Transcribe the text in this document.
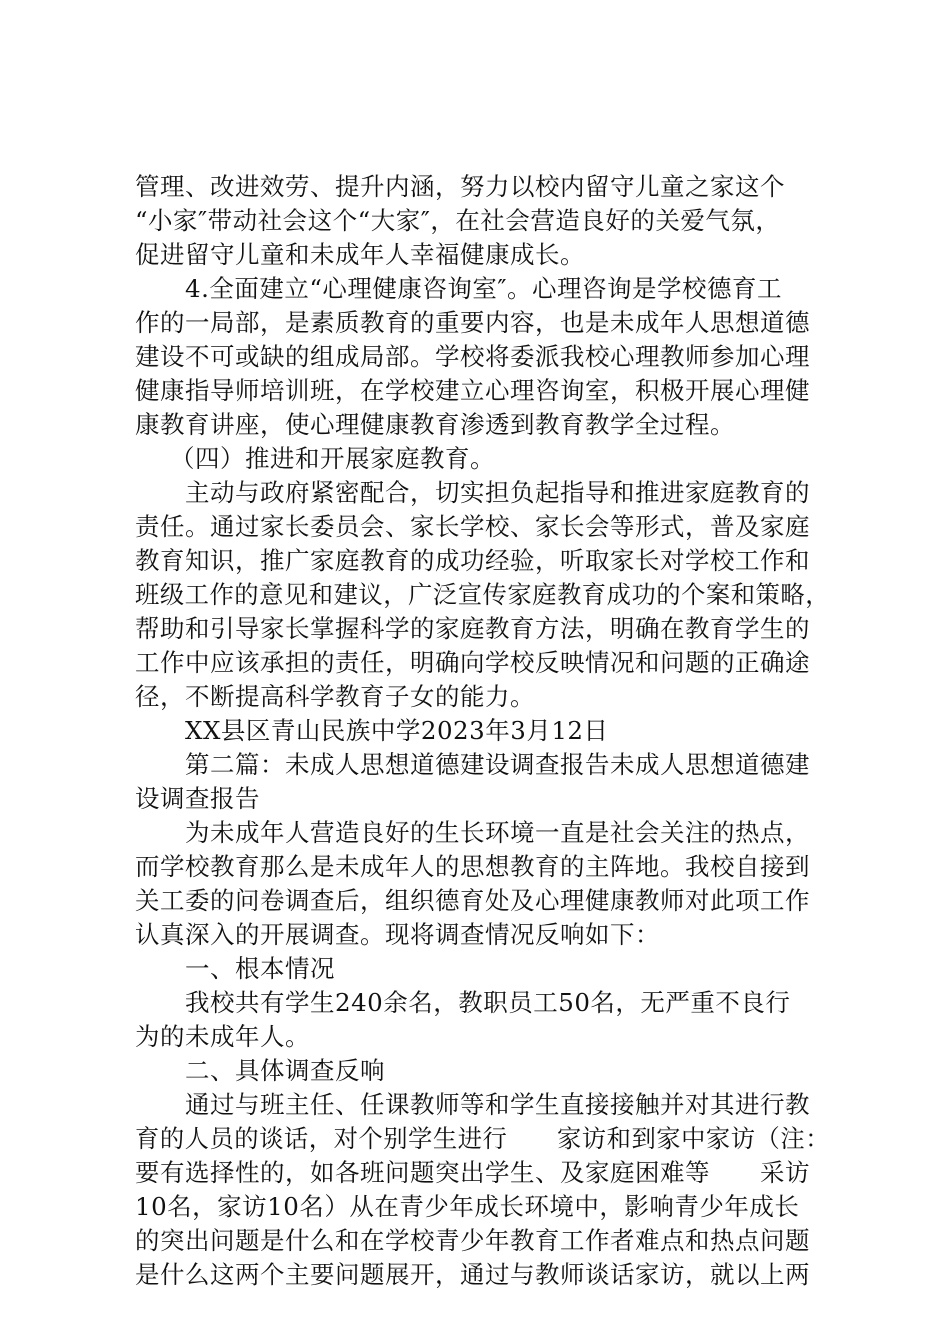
管理、改进效劳、提升内涵，努力以校内留守儿童之家这个
“小家″带动社会这个“大家″，在社会营造良好的关爱气氛，
促进留守儿童和未成年人幸福健康成长。
4.全面建立“心理健康咨询室″。心理咨询是学校德育工
作的一局部，是素质教育的重要内容，也是未成年人思想道德
建设不可或缺的组成局部。学校将委派我校心理教师参加心理
健康指导师培训班，在学校建立心理咨询室，积极开展心理健
康教育讲座，使心理健康教育渗透到教育教学全过程。
（四）推进和开展家庭教育。
主动与政府紧密配合，切实担负起指导和推进家庭教育的
责任。通过家长委员会、家长学校、家长会等形式，普及家庭
教育知识，推广家庭教育的成功经验，听取家长对学校工作和
班级工作的意见和建议，广泛宣传家庭教育成功的个案和策略，
帮助和引导家长掌握科学的家庭教育方法，明确在教育学生的
工作中应该承担的责任，明确向学校反映情况和问题的正确途
径，不断提高科学教育子女的能力。
XX县区青山民族中学2023年3月12日
第二篇：未成人思想道德建设调查报告未成人思想道德建
设调查报告
为未成年人营造良好的生长环境一直是社会关注的热点，
而学校教育那么是未成年人的思想教育的主阵地。我校自接到
关工委的问卷调查后，组织德育处及心理健康教师对此项工作
认真深入的开展调查。现将调查情况反响如下：
一、根本情况
我校共有学生240余名，教职员工50名，无严重不良行
为的未成年人。
二、具体调查反响
通过与班主任、任课教师等和学生直接接触并对其进行教
育的人员的谈话，对个别学生进行　　家访和到家中家访（注：
要有选择性的，如各班问题突出学生、及家庭困难等　　采访
10名，家访10名）从在青少年成长环境中，影响青少年成长
的突出问题是什么和在学校青少年教育工作者难点和热点问题
是什么这两个主要问题展开，通过与教师谈话家访，就以上两
